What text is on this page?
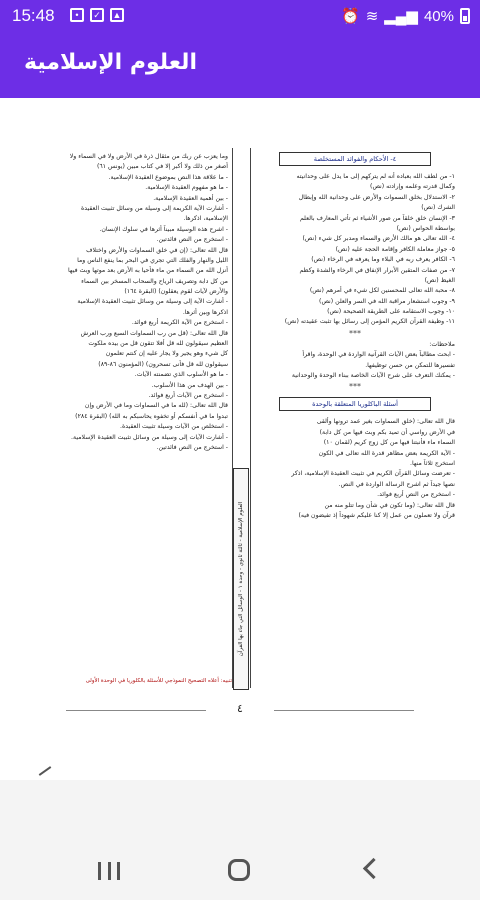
15:48	•	✓	▲	⏰ ≋ ▂▄▆ 40%
العلوم الإسلامية
٤- الأحكام والفوائد المستخلصة
١- من لطف الله بعباده أنه لم يتركهم إلى ما يدل على وحدانيته
وكمال قدرته وعلمه وإرادته (نص)
٢- الاستدلال بخلق السموات والأرض على وحدانية الله وإبطال
الشرك (نص)
٣- الإنسان خلق خلقاً من صور الأشياء ثم تأتي المعارف بالعلم
بواسطة الحواس (نص)
٤- الله تعالى هو مالك الأرض والسماء ومدبر كل شيء (نص)
٥- جواز معاملة الكافر وإقامة الحجة عليه (نص)
٦- الكافر يعرف ربه في البلاء وما يعرفه في الرخاء (نص)
٧- من صفات المتقين الأبرار الإنفاق في الرخاء والشدة وكظم
الغيظ (نص)
٨- محبة الله تعالى للمحسنين لكل شيء في أمرهم (نص)
٩- وجوب استشعار مراقبة الله في السر والعلن (نص)
١٠- وجوب الاستقامة على الطريقة الصحيحة (نص)
١١- وظيفة القرآن الكريم المؤمن إلى رسائل بها تثبت عقيدته (نص)
***
ملاحظات:
- ابحث مطالباً بعض الآيات القرآنية الواردة في الوحدة، واقرأ
تفسيرها للتمكن من حسن توظيفها.
- يمكنك التعرف على شرح الآيات الخاصة ببناء الوحدة والوحدانية
***
أسئلة الباكلوريا المتعلقة بالوحدة
قال الله تعالى: (خلق السماوات بغير عمد ترونها وألقى
في الأرض رواسي أن تميد بكم وبث فيها من كل دابة)
السماء ماء فأنبتنا فيها من كل زوج كريم (لقمان ١٠)
- الآية الكريمة بعض مظاهر قدرة الله تعالى في الكون
استخرج ثلاثاً منها.
- تعرضت وسائل القرآن الكريم في تثبيت العقيدة الإسلامية، اذكر
نصها جيداً ثم اشرح الرسالة الواردة في النص.
- استخرج من النص أربع فوائد.
قال الله تعالى: (وما تكون في شأن وما تتلو منه من
قرآن ولا تعملون من عمل إلا كنا عليكم شهوداً إذ تفيضون فيه)
وما يعزب عن ربك من مثقال ذرة في الأرض ولا في السماء ولا
أصغر من ذلك ولا أكبر إلا في كتاب مبين (يونس ٦١)
- ما علاقة هذا النص بموضوع العقيدة الإسلامية.
- ما هو مفهوم العقيدة الإسلامية.
- بين أهمية العقيدة الإسلامية.
- أشارت الآية الكريمة إلى وسيلة من وسائل تثبيت العقيدة
الإسلامية، اذكرها.
- اشرح هذه الوسيلة مبيناً أثرها في سلوك الإنسان.
- استخرج من النص فائدتين.
قال الله تعالى: (إن في خلق السماوات والأرض واختلاف
الليل والنهار والفلك التي تجري في البحر بما ينفع الناس وما
أنزل الله من السماء من ماء فأحيا به الأرض بعد موتها وبث فيها
من كل دابة وتصريف الرياح والسحاب المسخر بين السماء
والأرض لآيات لقوم يعقلون) (البقرة ١٦٤)
- أشارت الآية إلى وسيلة من وسائل تثبيت العقيدة الإسلامية
اذكرها وبين أثرها.
- استخرج من الآية الكريمة أربع فوائد.
قال الله تعالى: (قل من رب السماوات السبع ورب العرش
العظيم سيقولون لله قل أفلا تتقون قل من بيده ملكوت
كل شيء وهو يجير ولا يجار عليه إن كنتم تعلمون
سيقولون لله قل فأنى تسحرون) (المؤمنون ٨٦-٨٩)
- ما هو الأسلوب الذي تضمنته الآيات.
- بين الهدف من هذا الأسلوب.
- استخرج من الآيات أربع فوائد.
قال الله تعالى: (لله ما في السماوات وما في الأرض وإن
تبدوا ما في أنفسكم أو تخفوه يحاسبكم به الله) (البقرة ٢٨٤)
- استخلص من الآيات وسيلة تثبيت العقيدة.
- أشارت الآيات إلى وسيلة من وسائل تثبيت العقيدة الإسلامية.
- استخرج من النص فائدتين.
تنبيه: أعلاه التصحيح النموذجي للأسئلة بالكلوريا في الوحدة الأولى
العلوم الإسلامية - ثالثة ثانوي - وحدة ١ - الوسائل التي جاء بها القرآن
٤
